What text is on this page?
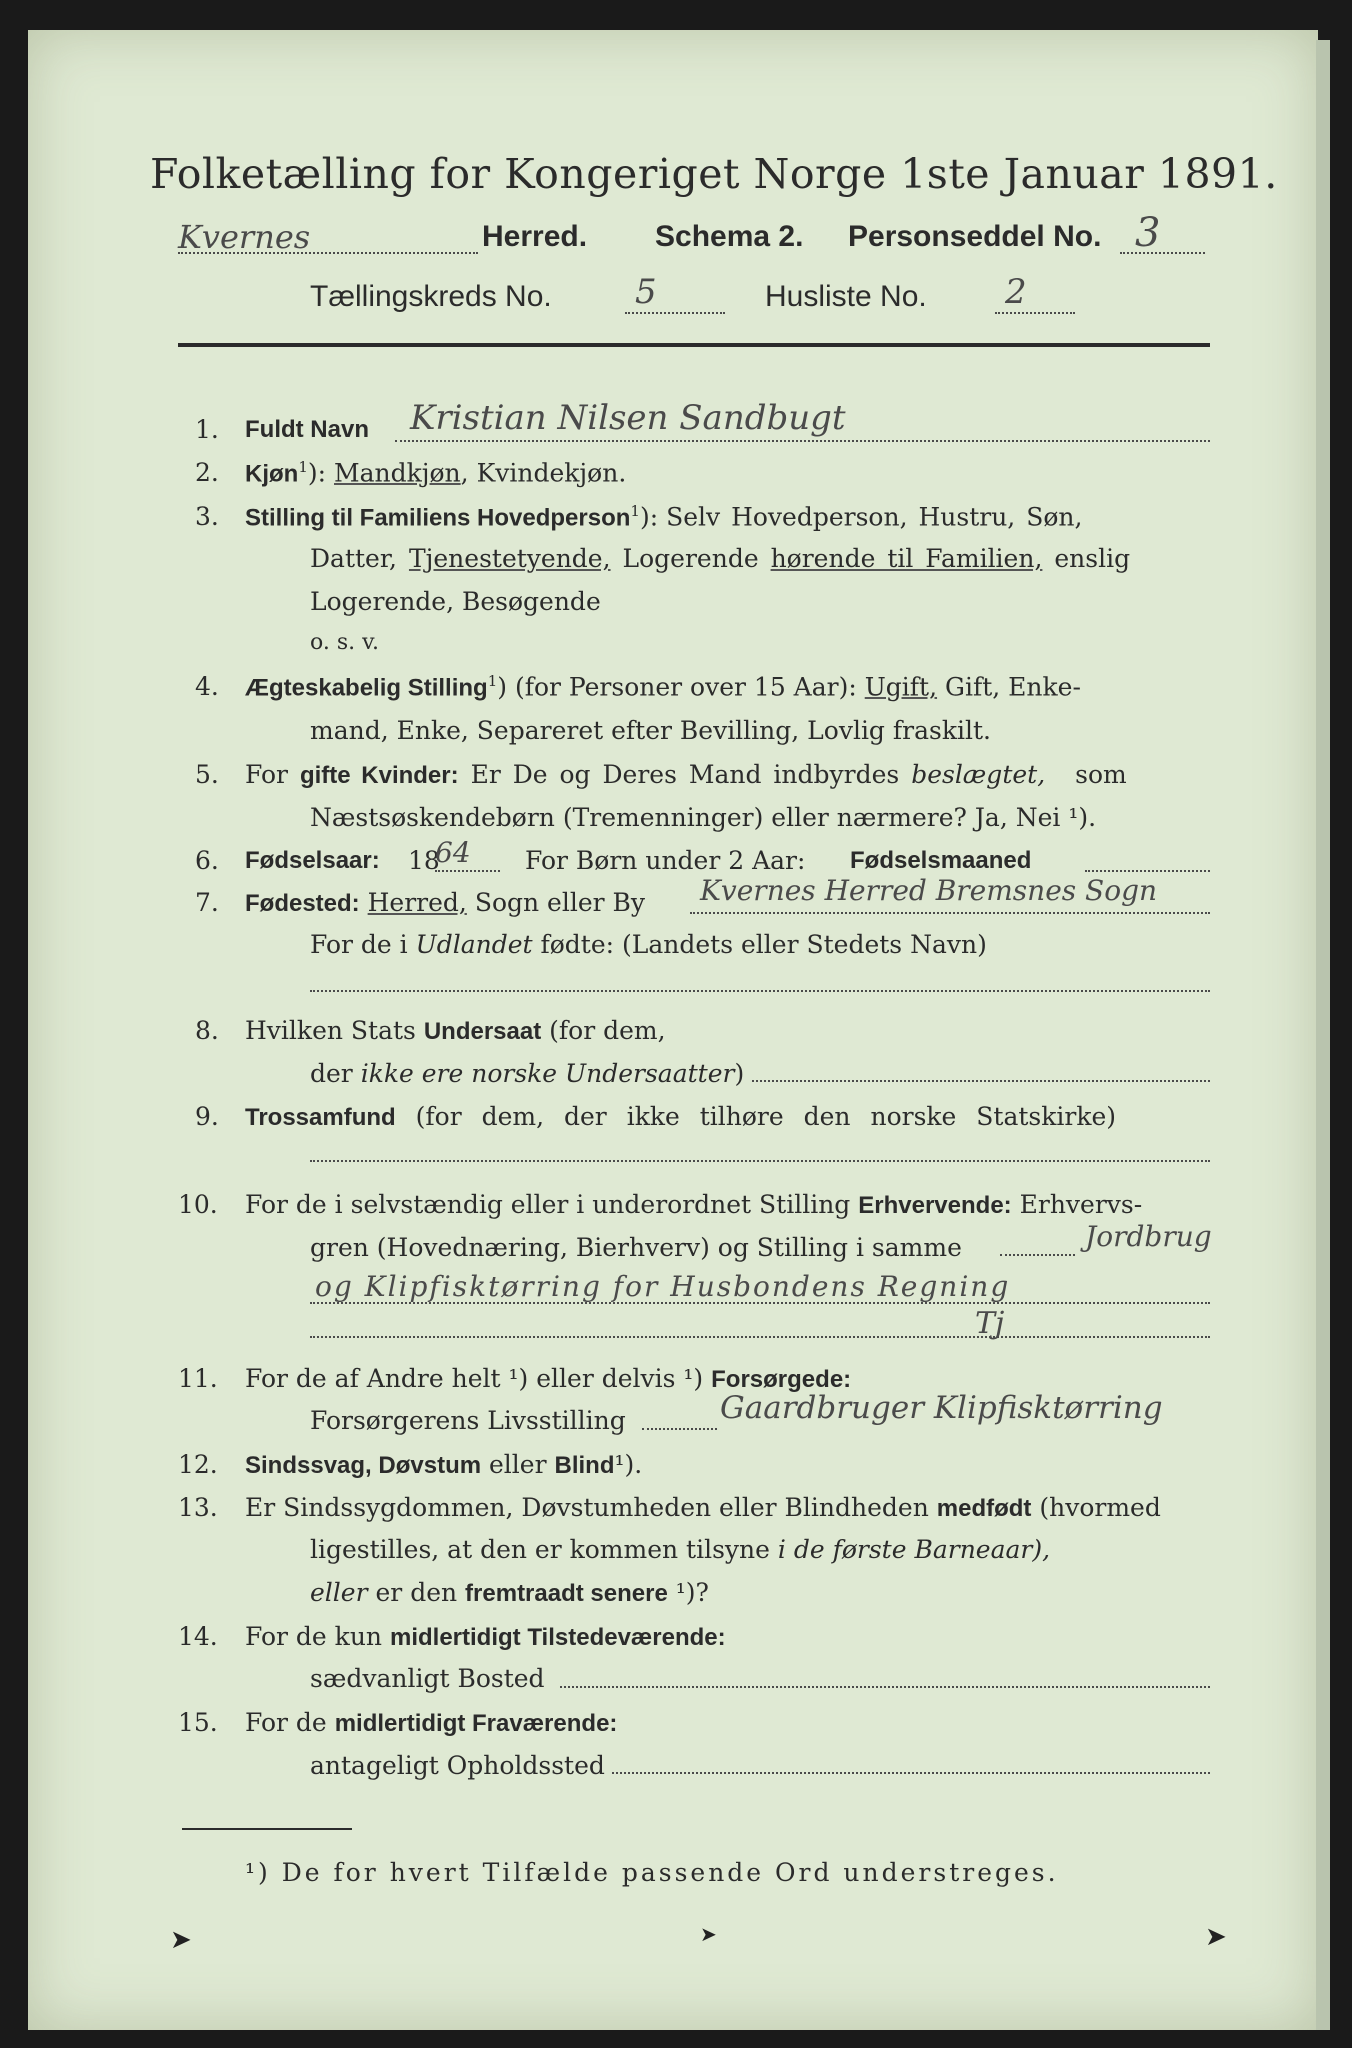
Folketælling for Kongeriget Norge 1ste Januar 1891.
Kvernes	Herred. Schema 2. Personseddel No. 3
Tællingskreds No. 5	Husliste No. 2
1. Fuldt Navn Kristian Nilsen Sandbugt
2. Kjøn$^1$): Mandkjøn, Kvindekjøn.
3. Stilling til Familiens Hovedperson$^1$): Selv Hovedperson, Hustru, Søn,
Datter, Tjenestetyende, Logerende hørende til Familien, enslig
Logerende, Besøgende
o. s. v.
4. Ægteskabelig Stilling$^1$) (for Personer over 15 Aar): Ugift, Gift, Enke-
mand, Enke, Separeret efter Bevilling, Lovlig fraskilt.
5. For gifte Kvinder: Er De og Deres Mand indbyrdes beslægtet, som
Næstsøskendebørn (Tremenninger) eller nærmere? Ja, Nei ¹).
6. Fødselsaar: 18
64 For Børn under 2 Aar: Fødselsmaaned
7. Fødested: Herred, Sogn eller By Kvernes Herred Bremsnes Sogn
For de i Udlandet fødte: (Landets eller Stedets Navn)
8. Hvilken Stats Undersaat (for dem,
der ikke ere norske Undersaatter)
9. Trossamfund (for dem, der ikke tilhøre den norske Statskirke)
10. For de i selvstændig eller i underordnet Stilling Erhvervende: Erhvervs-
gren (Hovednæring, Bierhverv) og Stilling i samme	Jordbrug
og Klipfisktørring for Husbondens Regning
Tj
11. For de af Andre helt ¹) eller delvis ¹) Forsørgede:
Forsørgerens Livsstilling	Gaardbruger Klipfisktørring
12. Sindssvag, Døvstum eller Blind¹).
13. Er Sindssygdommen, Døvstumheden eller Blindheden medfødt (hvormed
ligestilles, at den er kommen tilsyne i de første Barneaar),
eller er den fremtraadt senere ¹)?
14. For de kun midlertidigt Tilstedeværende:
sædvanligt Bosted
15. For de midlertidigt Fraværende:
antageligt Opholdssted
¹) De for hvert Tilfælde passende Ord understreges.
➤	➤	➤
